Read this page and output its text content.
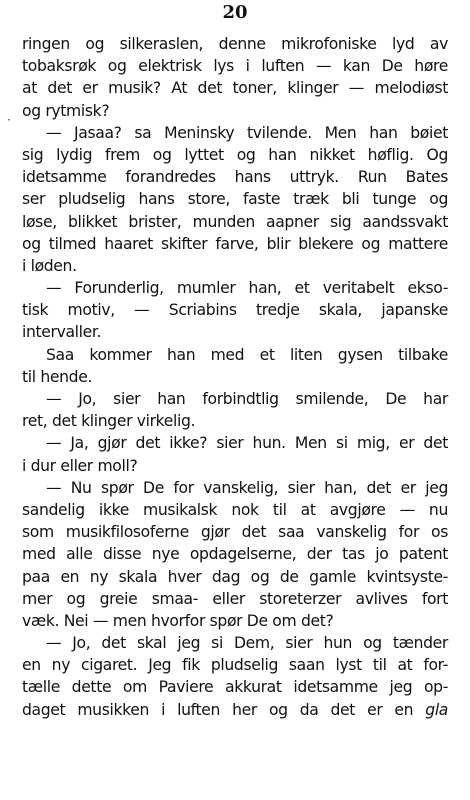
20
·
ringen og silkeraslen, denne mikrofoniske lyd av
tobaksrøk og elektrisk lys i luften — kan De høre
at det er musik? At det toner, klinger — melodiøst
og rytmisk?
— Jasaa? sa Meninsky tvilende. Men han bøiet
sig lydig frem og lyttet og han nikket høflig. Og
idetsamme forandredes hans uttryk. Run Bates
ser pludselig hans store, faste træk bli tunge og
løse, blikket brister, munden aapner sig aandssvakt
og tilmed haaret skifter farve, blir blekere og mattere
i løden.
— Forunderlig, mumler han, et veritabelt ekso-
tisk motiv, — Scriabins tredje skala, japanske
intervaller.
Saa kommer han med et liten gysen tilbake
til hende.
— Jo, sier han forbindtlig smilende, De har
ret, det klinger virkelig.
— Ja, gjør det ikke? sier hun. Men si mig, er det
i dur eller moll?
— Nu spør De for vanskelig, sier han, det er jeg
sandelig ikke musikalsk nok til at avgjøre — nu
som musikfilosoferne gjør det saa vanskelig for os
med alle disse nye opdagelserne, der tas jo patent
paa en ny skala hver dag og de gamle kvintsyste-
mer og greie smaa- eller storeterzer avlives fort
væk. Nei — men hvorfor spør De om det?
— Jo, det skal jeg si Dem, sier hun og tænder
en ny cigaret. Jeg fik pludselig saan lyst til at for-
tælle dette om Paviere akkurat idetsamme jeg op-
daget musikken i luften her og da det er en gla
